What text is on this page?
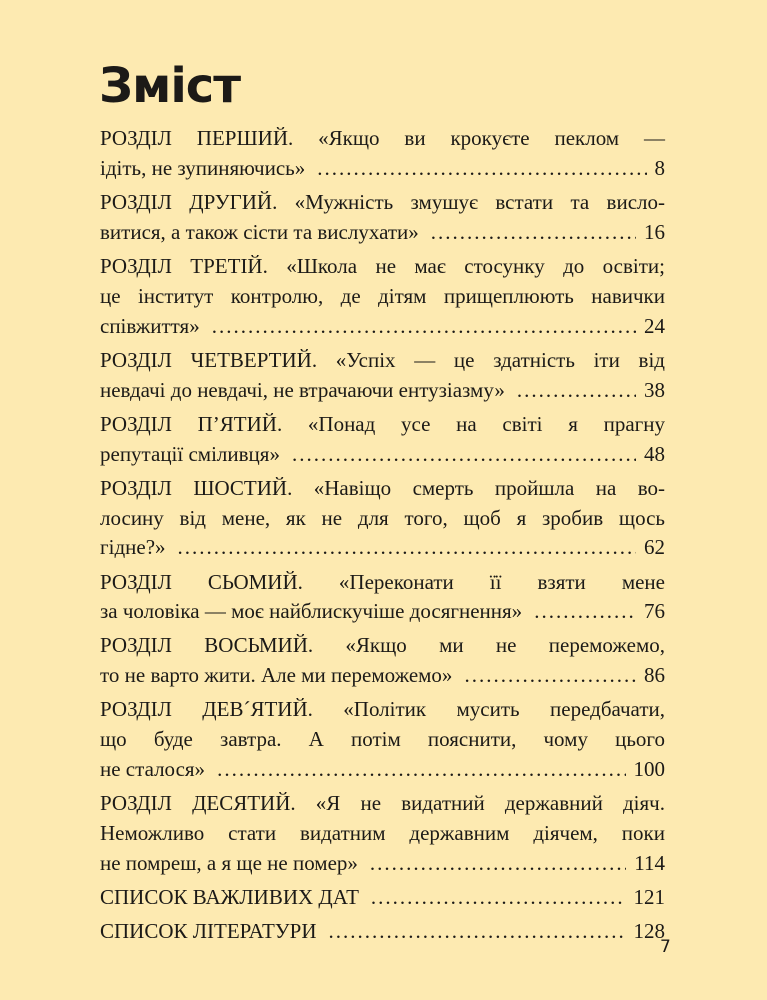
Зміст
РОЗДІЛ ПЕРШИЙ. «Якщо ви крокуєте пеклом —
ідіть, не зупиняючись» .....	8
РОЗДІЛ ДРУГИЙ. «Мужність змушує встати та висло-
витися, а також сісти та вислухати» .....	16
РОЗДІЛ ТРЕТІЙ. «Школа не має стосунку до освіти;
це інститут контролю, де дітям прищеплюють навички
співжиття» .....	24
РОЗДІЛ ЧЕТВЕРТИЙ. «Успіх — це здатність іти від
невдачі до невдачі, не втрачаючи ентузіазму» .....	38
РОЗДІЛ П’ЯТИЙ. «Понад усе на світі я прагну
репутації сміливця» .....	48
РОЗДІЛ ШОСТИЙ. «Навіщо смерть пройшла на во-
лосину від мене, як не для того, щоб я зробив щось
гідне?» .....	62
РОЗДІЛ СЬОМИЙ. «Переконати її взяти мене
за чоловіка — моє найблискучіше досягнення» .....	76
РОЗДІЛ ВОСЬМИЙ. «Якщо ми не переможемо,
то не варто жити. Але ми переможемо» .....	86
РОЗДІЛ ДЕВ´ЯТИЙ. «Політик мусить передбачати,
що буде завтра. А потім пояснити, чому цього
не сталося» .....	100
РОЗДІЛ ДЕСЯТИЙ. «Я не видатний державний діяч.
Неможливо стати видатним державним діячем, поки
не помреш, а я ще не помер» .....	114
СПИСОК ВАЖЛИВИХ ДАТ .....	121
СПИСОК ЛІТЕРАТУРИ .....	128
7
